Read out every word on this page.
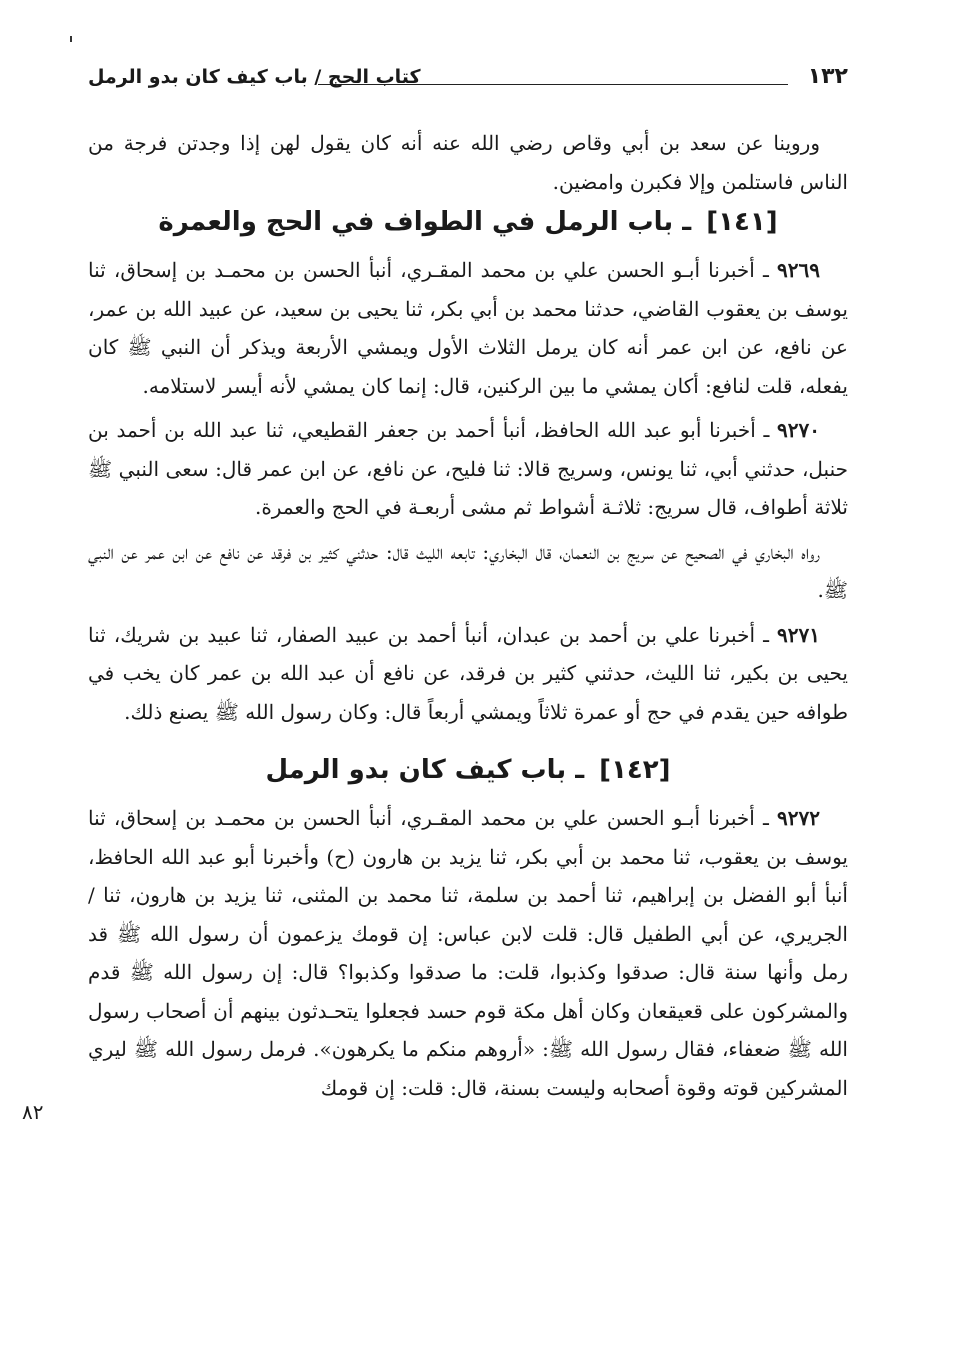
١٣٢
كتاب الحج / باب كيف كان بدو الرمل

وروينا عن سعد بن أبي وقاص رضي الله عنه أنه كان يقول لهن إذا وجدتن فرجة من الناس فاستلمن وإلا فكبرن وامضين.

[١٤١] ـ باب الرمل في الطواف في الحج والعمرة

٩٢٦٩ ـ أخبرنا أبـو الحسن علي بن محمد المقـري، أنبأ الحسن بن محمـد بن إسحاق، ثنا يوسف بن يعقوب القاضي، حدثنا محمد بن أبي بكر، ثنا يحيى بن سعيد، عن عبيد الله بن عمر، عن نافع، عن ابن عمر أنه كان يرمل الثلاث الأول ويمشي الأربعة ويذكر أن النبي ﷺ كان يفعله، قلت لنافع: أكان يمشي ما بين الركنين، قال: إنما كان يمشي لأنه أيسر لاستلامه.

٩٢٧٠ ـ أخبرنا أبو عبد الله الحافظ، أنبأ أحمد بن جعفر القطيعي، ثنا عبد الله بن أحمد بن حنبل، حدثني أبي، ثنا يونس، وسريج قالا: ثنا فليح، عن نافع، عن ابن عمر قال: سعى النبي ﷺ ثلاثة أطواف، قال سريج: ثلاثـة أشواط ثم مشى أربعـة في الحج والعمرة.

رواه البخاري في الصحيح عن سريج بن النعمان، قال البخاري: تابعه الليث قال: حدثني كثير بن فرقد عن نافع عن ابن عمر عن النبي ﷺ.

٩٢٧١ ـ أخبرنا علي بن أحمد بن عبدان، أنبأ أحمد بن عبيد الصفار، ثنا عبيد بن شريك، ثنا يحيى بن بكير، ثنا الليث، حدثني كثير بن فرقد، عن نافع أن عبد الله بن عمر كان يخب في طوافه حين يقدم في حج أو عمرة ثلاثاً ويمشي أربعاً قال: وكان رسول الله ﷺ يصنع ذلك.

[١٤٢] ـ باب كيف كان بدو الرمل

٩٢٧٢ ـ أخبرنا أبـو الحسن علي بن محمد المقـري، أنبأ الحسن بن محمـد بن إسحاق، ثنا يوسف بن يعقوب، ثنا محمد بن أبي بكر، ثنا يزيد بن هارون (ح) وأخبرنا أبو عبد الله الحافظ، أنبأ أبو الفضل بن إبراهيم، ثنا أحمد بن سلمة، ثنا محمد بن المثنى، ثنا يزيد بن هارون، ثنا / الجريري، عن أبي الطفيل قال: قلت لابن عباس: إن قومك يزعمون أن رسول الله ﷺ قد رمل وأنها سنة قال: صدقوا وكذبوا، قلت: ما صدقوا وكذبوا؟ قال: إن رسول الله ﷺ قدم والمشركون على قعيقعان وكان أهل مكة قوم حسد فجعلوا يتحـدثون بينهم أن أصحاب رسول الله ﷺ ضعفاء، فقال رسول الله ﷺ: «أروهم منكم ما يكرهون». فرمل رسول الله ﷺ ليري المشركين قوته وقوة أصحابه وليست بسنة، قال: قلت: إن قومك

٨٢
